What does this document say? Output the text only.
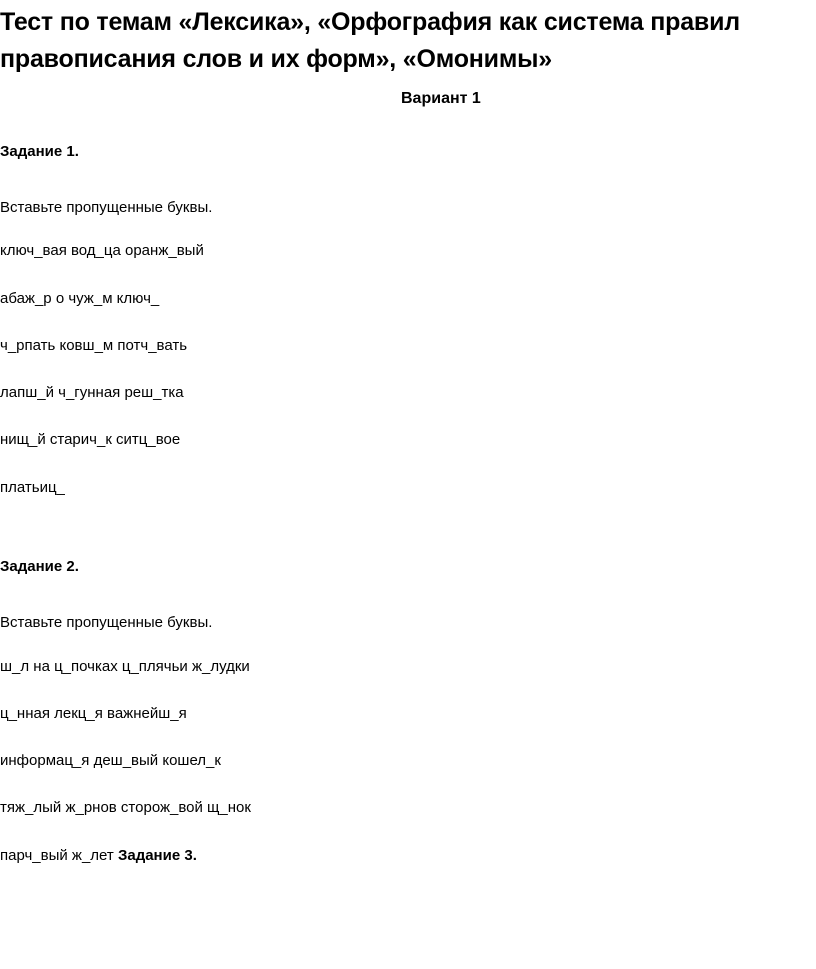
Тест по темам «Лексика», «Орфография как система правил правописания слов и их форм», «Омонимы»
Вариант 1
Задание 1.
Вставьте пропущенные буквы.
ключ_вая вод_ца оранж_вый
абаж_р о чуж_м ключ_
ч_рпать ковш_м потч_вать
лапш_й ч_гунная реш_тка
нищ_й старич_к ситц_вое
платьиц_
Задание 2.
Вставьте пропущенные буквы.
ш_л на ц_почках ц_плячьи ж_лудки
ц_нная лекц_я важнейш_я
информац_я деш_вый кошел_к
тяж_лый ж_рнов сторож_вой щ_нок
парч_вый ж_лет Задание 3.
